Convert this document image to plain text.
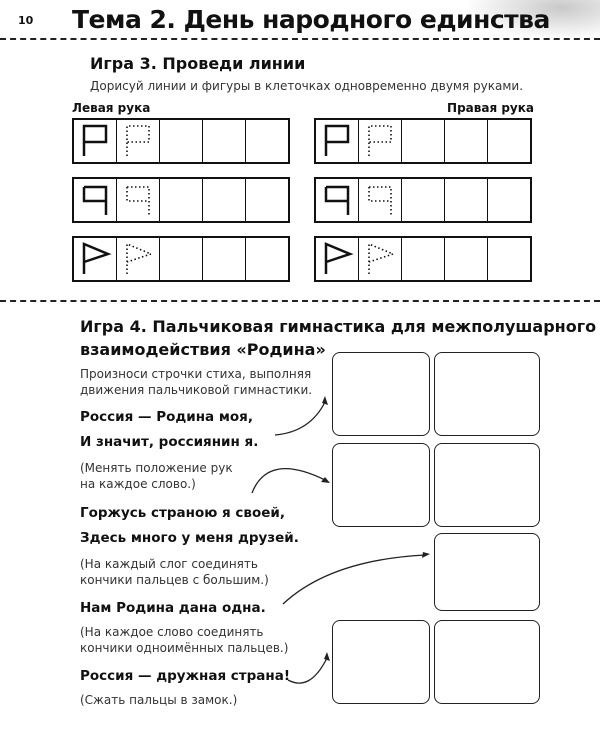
10 Тема 2. День народного единства
Игра 3. Проведи линии
Дорисуй линии и фигуры в клеточках одновременно двумя руками.
Левая рука	Правая рука
Игра 4. Пальчиковая гимнастика для межполушарного
взаимодействия «Родина»
Произноси строчки стиха, выполняя
движения пальчиковой гимнастики.
Россия — Родина моя,
И значит, россиянин я.
(Менять положение рук
на каждое слово.)
Горжусь страною я своей,
Здесь много у меня друзей.
(На каждый слог соединять
кончики пальцев с большим.)
Нам Родина дана одна.
(На каждое слово соединять
кончики одноимённых пальцев.)
Россия — дружная страна!
(Сжать пальцы в замок.)
